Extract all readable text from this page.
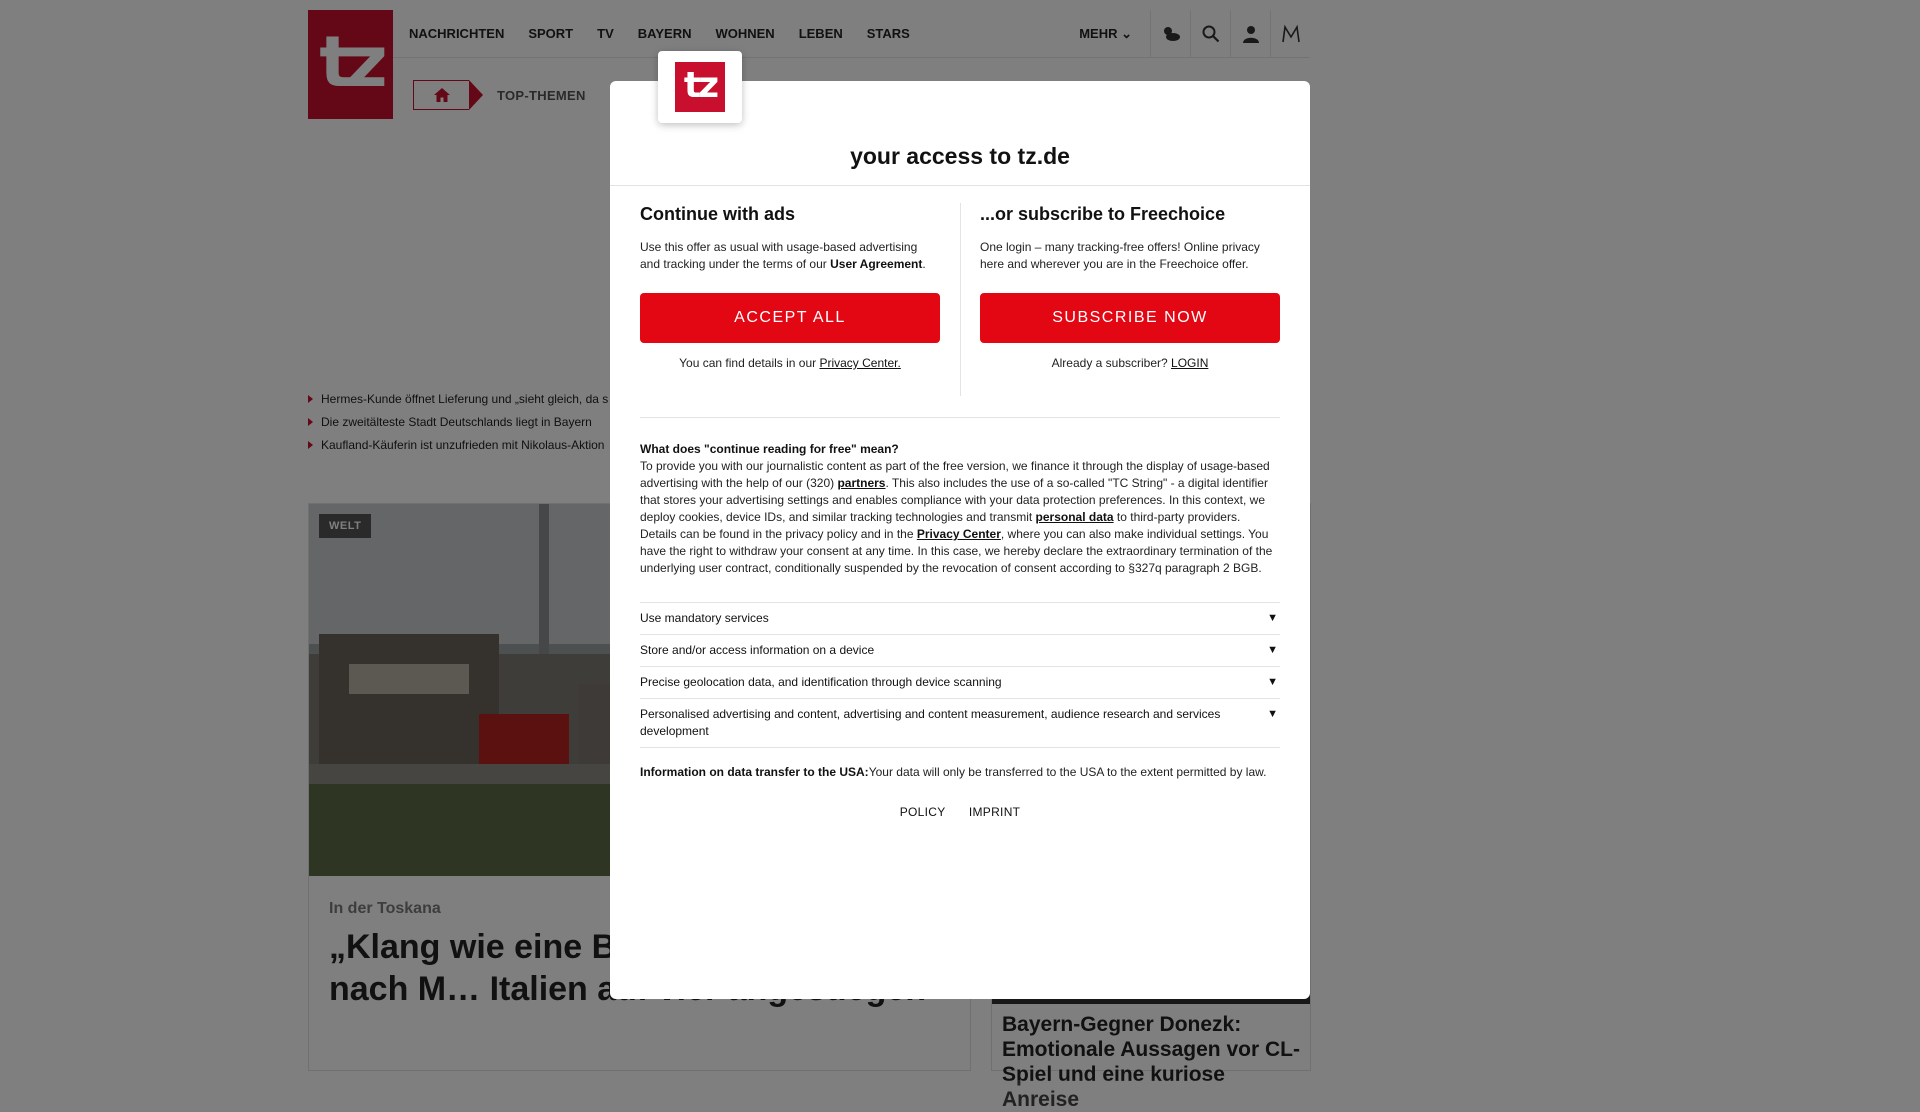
Anreise
your access to tz.de
Continue with ads

Use this offer as usual with usage-based advertising and tracking under the terms of our User Agreement.

ACCEPT ALL

You can find details in our Privacy Center.

...or subscribe to Freechoice

One login – many tracking-free offers! Online privacy here and wherever you are in the Freechoice offer.

SUBSCRIBE NOW

Already a subscriber? LOGIN

What does "continue reading for free" mean?
To provide you with our journalistic content as part of the free version, we finance it through the display of usage-based advertising with the help of our (320) partners. This also includes the use of a so-called "TC String" - a digital identifier that stores your advertising settings and enables compliance with your data protection preferences. In this context, we deploy cookies, device IDs, and similar tracking technologies and transmit personal data to third-party providers. Details can be found in the privacy policy and in the Privacy Center, where you can also make individual settings. You have the right to withdraw your consent at any time. In this case, we hereby declare the extraordinary termination of the underlying user contract, conditionally suspended by the revocation of consent according to §327q paragraph 2 BGB.
Use mandatory services	▼
Store and/or access information on a device	▼
Precise geolocation data, and identification through device scanning	▼
Personalised advertising and content, advertising and content measurement, audience research and services development
▼
Information on data transfer to the USA:Your data will only be transferred to the USA to the extent permitted by law.
POLICY IMPRINT
tz
